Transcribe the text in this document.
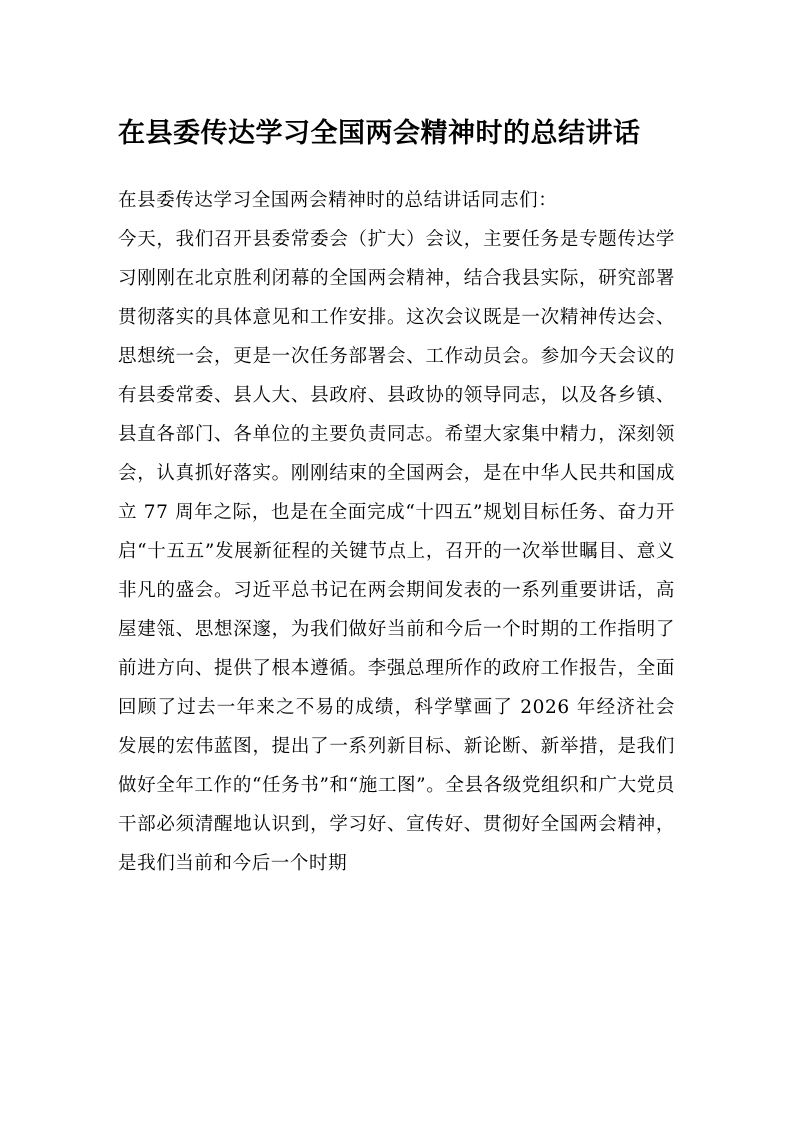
在县委传达学习全国两会精神时的总结讲话

在县委传达学习全国两会精神时的总结讲话同志们：

今天，我们召开县委常委会（扩大）会议，主要任务是专题传达学习刚刚在北京胜利闭幕的全国两会精神，结合我县实际，研究部署贯彻落实的具体意见和工作安排。这次会议既是一次精神传达会、思想统一会，更是一次任务部署会、工作动员会。参加今天会议的有县委常委、县人大、县政府、县政协的领导同志，以及各乡镇、县直各部门、各单位的主要负责同志。希望大家集中精力，深刻领会，认真抓好落实。刚刚结束的全国两会，是在中华人民共和国成立 77 周年之际，也是在全面完成“十四五”规划目标任务、奋力开启“十五五”发展新征程的关键节点上，召开的一次举世瞩目、意义非凡的盛会。习近平总书记在两会期间发表的一系列重要讲话，高屋建瓴、思想深邃，为我们做好当前和今后一个时期的工作指明了前进方向、提供了根本遵循。李强总理所作的政府工作报告，全面回顾了过去一年来之不易的成绩，科学擘画了 2026 年经济社会发展的宏伟蓝图，提出了一系列新目标、新论断、新举措，是我们做好全年工作的“任务书”和“施工图”。全县各级党组织和广大党员干部必须清醒地认识到，学习好、宣传好、贯彻好全国两会精神，是我们当前和今后一个时期
